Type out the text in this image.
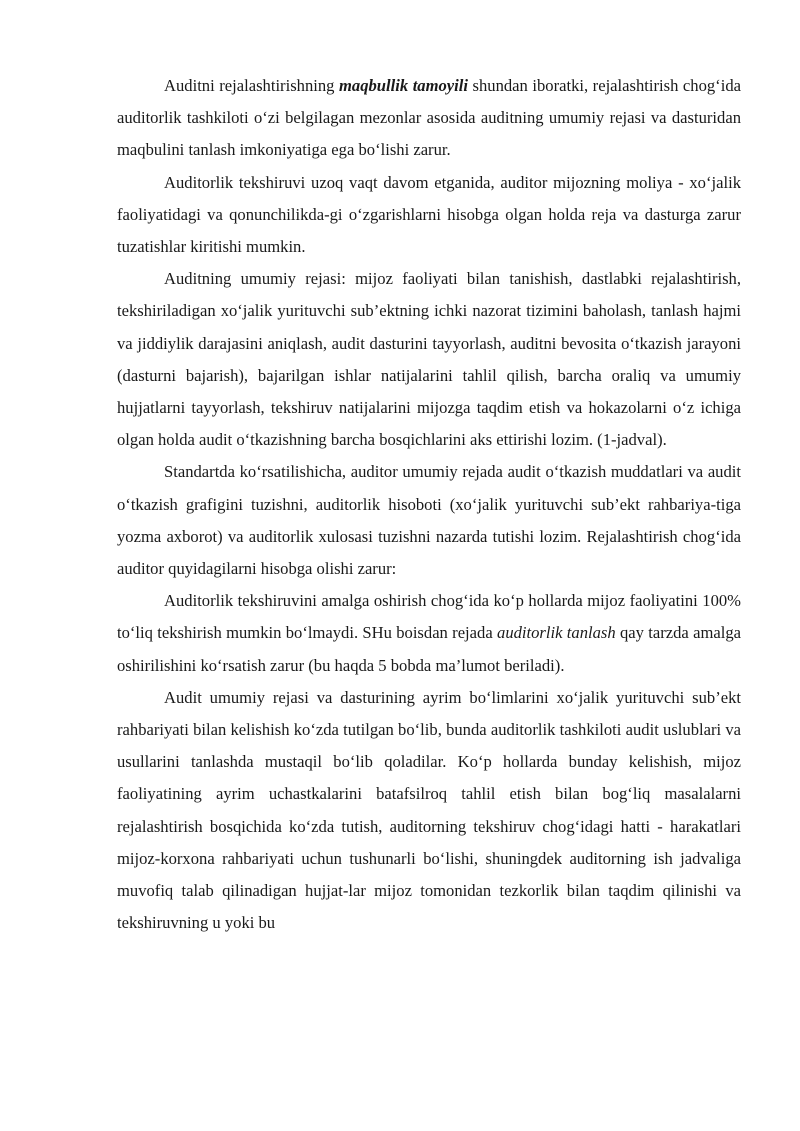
Auditni rejalashtirishning maqbullik tamoyili shundan iboratki, rejalashtirish chog‘ida auditorlik tashkiloti o‘zi belgilagan mezonlar asosida auditning umumiy rejasi va dasturidan maqbulini tanlash imkoniyatiga ega bo‘lishi zarur.

Auditorlik tekshiruvi uzoq vaqt davom etganida, auditor mijozning moliya - xo‘jalik faoliyatidagi va qonunchilikda-gi o‘zgarishlarni hisobga olgan holda reja va dasturga zarur tuzatishlar kiritishi mumkin.

Auditning umumiy rejasi: mijoz faoliyati bilan tanishish, dastlabki rejalashtirish, tekshiriladigan xo‘jalik yurituvchi sub’ektning ichki nazorat tizimini baholash, tanlash hajmi va jiddiylik darajasini aniqlash, audit dasturini tayyorlash, auditni bevosita o‘tkazish jarayoni (dasturni bajarish), bajarilgan ishlar natijalarini tahlil qilish, barcha oraliq va umumiy hujjatlarni tayyorlash, tekshiruv natijalarini mijozga taqdim etish va hokazolarni o‘z ichiga olgan holda audit o‘tkazishning barcha bosqichlarini aks ettirishi lozim. (1-jadval).

Standartda ko‘rsatilishicha, auditor umumiy rejada audit o‘tkazish muddatlari va audit o‘tkazish grafigini tuzishni, auditorlik hisoboti (xo‘jalik yurituvchi sub’ekt rahbariya-tiga yozma axborot) va auditorlik xulosasi tuzishni nazarda tutishi lozim. Rejalashtirish chog‘ida auditor quyidagilarni hisobga olishi zarur:

Auditorlik tekshiruvini amalga oshirish chog‘ida ko‘p hollarda mijoz faoliyatini 100% to‘liq tekshirish mumkin bo‘lmaydi. SHu boisdan rejada auditorlik tanlash qay tarzda amalga oshirilishini ko‘rsatish zarur (bu haqda 5 bobda ma’lumot beriladi).

Audit umumiy rejasi va dasturining ayrim bo‘limlarini xo‘jalik yurituvchi sub’ekt rahbariyati bilan kelishish ko‘zda tutilgan bo‘lib, bunda auditorlik tashkiloti audit uslublari va usullarini tanlashda mustaqil bo‘lib qoladilar. Ko‘p hollarda bunday kelishish, mijoz faoliyatining ayrim uchastkalarini batafsilroq tahlil etish bilan bog‘liq masalalarni rejalashtirish bosqichida ko‘zda tutish, auditorning tekshiruv chog‘idagi hatti - harakatlari mijoz-korxona rahbariyati uchun tushunarli bo‘lishi, shuningdek auditorning ish jadvaliga muvofiq talab qilinadigan hujjat-lar mijoz tomonidan tezkorlik bilan taqdim qilinishi va tekshiruvning u yoki bu
